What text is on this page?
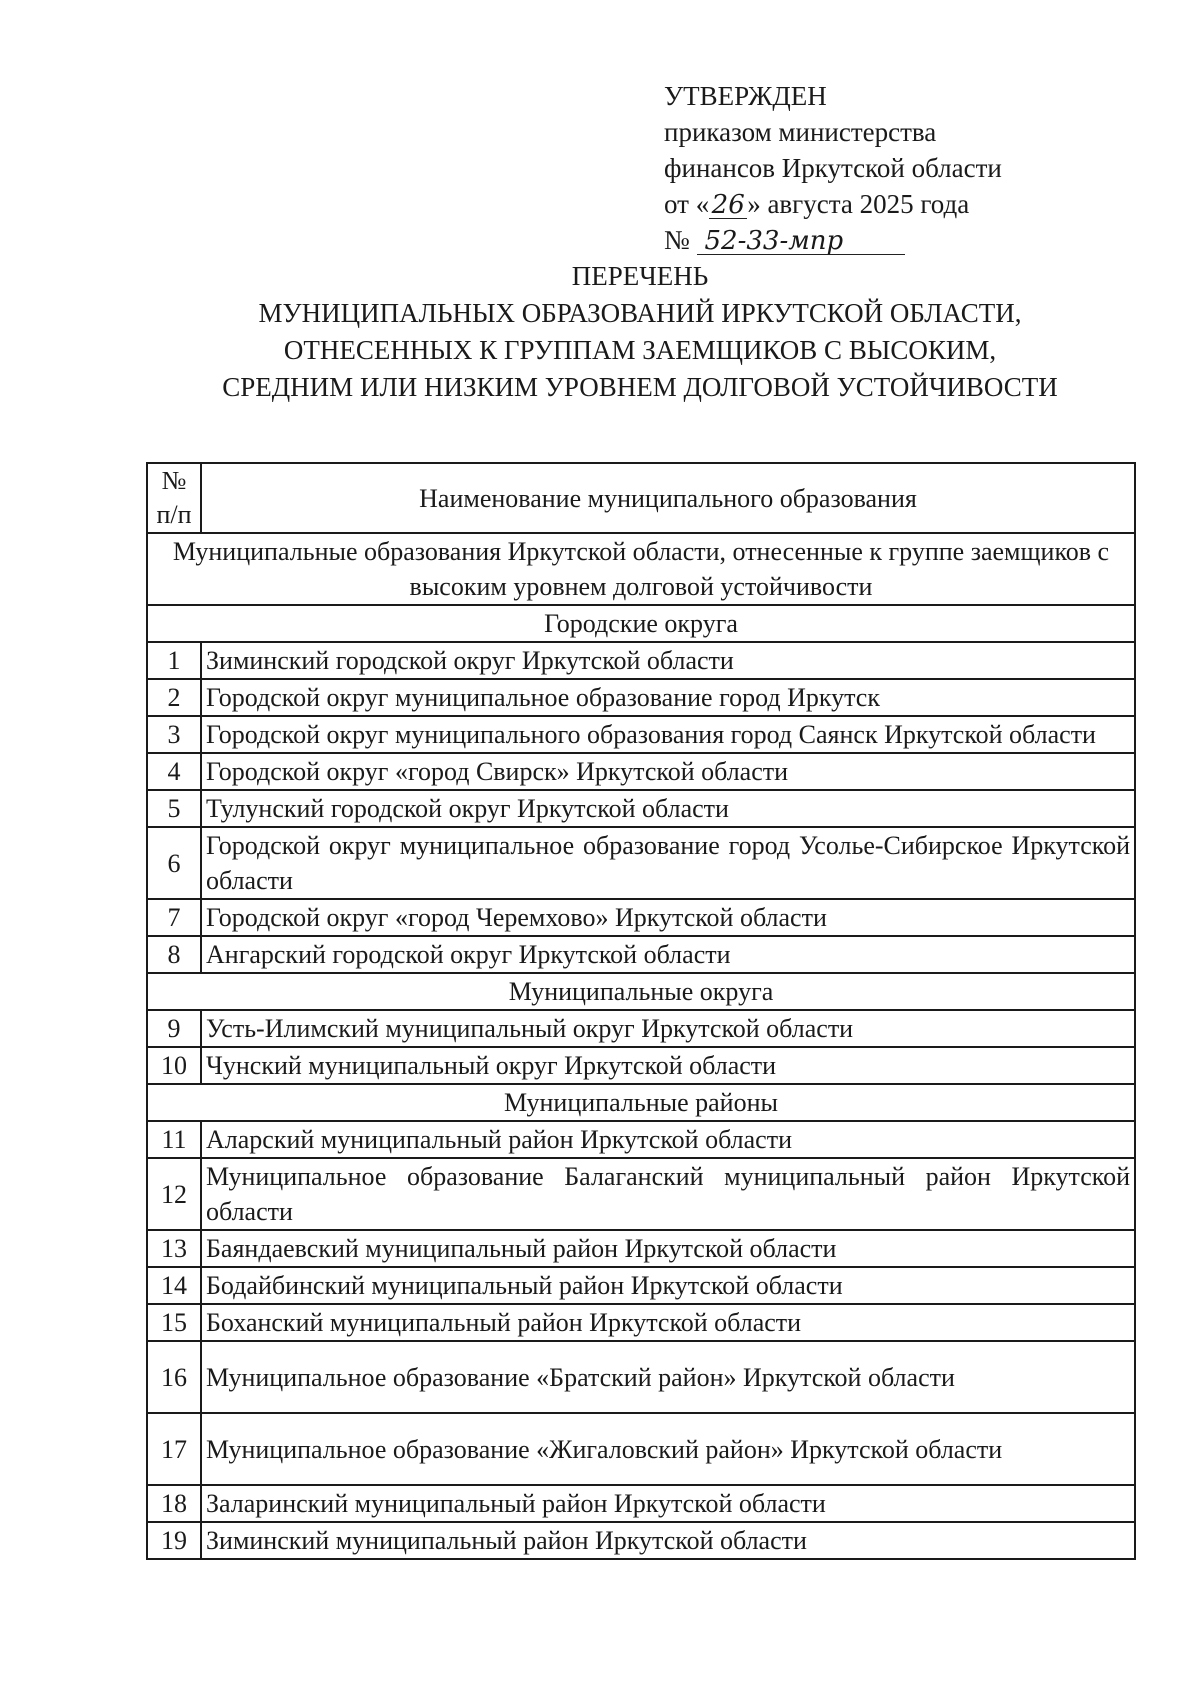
УТВЕРЖДЕН
приказом министерства
финансов Иркутской области
от «26» августа 2025 года
№ 52-33-мпр
ПЕРЕЧЕНЬ
МУНИЦИПАЛЬНЫХ ОБРАЗОВАНИЙ ИРКУТСКОЙ ОБЛАСТИ,
ОТНЕСЕННЫХ К ГРУППАМ ЗАЕМЩИКОВ С ВЫСОКИМ,
СРЕДНИМ ИЛИ НИЗКИМ УРОВНЕМ ДОЛГОВОЙ УСТОЙЧИВОСТИ
№
п/п	Наименование муниципального образования
Муниципальные образования Иркутской области, отнесенные к группе заемщиков с высоким уровнем долговой устойчивости	
Городские округа	
1	Зиминский городской округ Иркутской области
2	Городской округ муниципальное образование город Иркутск
3	Городской округ муниципального образования город Саянск Иркутской области
4	Городской округ «город Свирск» Иркутской области
5	Тулунский городской округ Иркутской области
6	Городской округ муниципальное образование город Усолье-Сибирское Иркутской области
7	Городской округ «город Черемхово» Иркутской области
8	Ангарский городской округ Иркутской области
Муниципальные округа	
9	Усть-Илимский муниципальный округ Иркутской области
10	Чунский муниципальный округ Иркутской области
Муниципальные районы	
11	Аларский муниципальный район Иркутской области
12	Муниципальное образование Балаганский муниципальный район Иркутской области
13	Баяндаевский муниципальный район Иркутской области
14	Бодайбинский муниципальный район Иркутской области
15	Боханский муниципальный район Иркутской области
16	Муниципальное образование «Братский район» Иркутской области
17	Муниципальное образование «Жигаловский район» Иркутской области
18	Заларинский муниципальный район Иркутской области
19	Зиминский муниципальный район Иркутской области
